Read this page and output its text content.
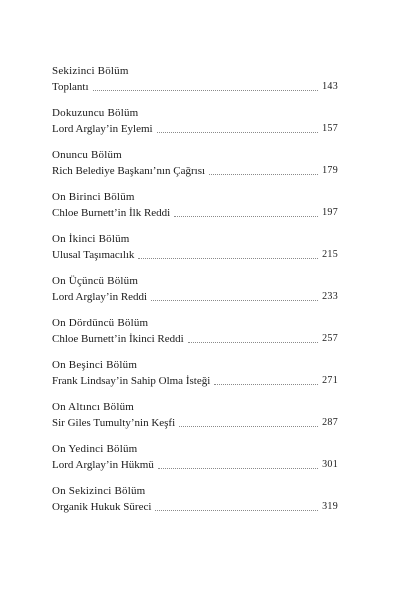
Sekizinci Bölüm
Toplantı	143
Dokuzuncu Bölüm
Lord Arglay’in Eylemi	157
Onuncu Bölüm
Rich Belediye Başkanı’nın Çağrısı	179
On Birinci Bölüm
Chloe Burnett’in İlk Reddi	197
On İkinci Bölüm
Ulusal Taşımacılık	215
On Üçüncü Bölüm
Lord Arglay’in Reddi	233
On Dördüncü Bölüm
Chloe Burnett’in İkinci Reddi	257
On Beşinci Bölüm
Frank Lindsay’in Sahip Olma İsteği	271
On Altıncı Bölüm
Sir Giles Tumulty’nin Keşfi	287
On Yedinci Bölüm
Lord Arglay’in Hükmü	301
On Sekizinci Bölüm
Organik Hukuk Süreci	319
